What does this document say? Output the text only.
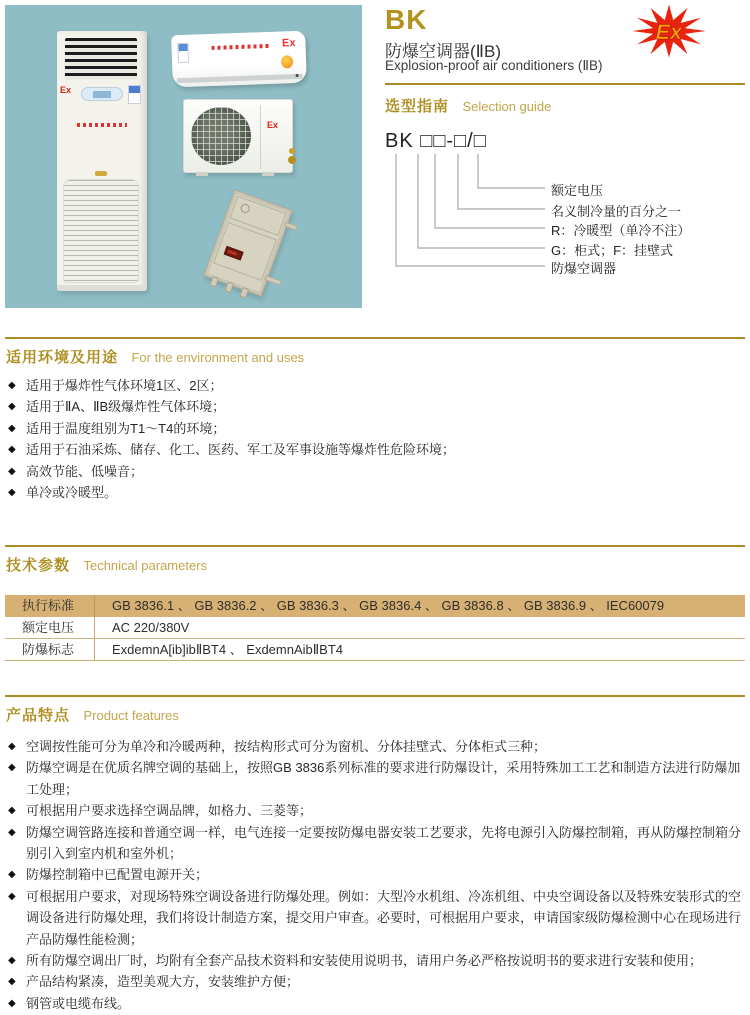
Ex
Ex
Ex
BK
防爆空调器(ⅡB)
Explosion-proof air conditioners (ⅡB)
Ex
选型指南 Selection guide
BK □□-□/□
额定电压
名义制冷量的百分之一
R：冷暖型（单冷不注）
G：柜式；F：挂壁式
防爆空调器
适用环境及用途 For the environment and uses
◆ 适用于爆炸性气体环境1区、2区；
◆ 适用于ⅡA、ⅡB级爆炸性气体环境；
◆ 适用于温度组别为T1～T4的环境；
◆ 适用于石油采炼、储存、化工、医药、军工及军事设施等爆炸性危险环境；
◆ 高效节能、低噪音；
◆ 单冷或冷暖型。
技术参数 Technical parameters
执行标准	GB 3836.1 、 GB 3836.2 、 GB 3836.3 、 GB 3836.4 、 GB 3836.8 、 GB 3836.9 、 IEC60079
额定电压	AC 220/380V
防爆标志	ExdemnA[ib]ibⅡBT4 、 ExdemnAibⅡBT4
产品特点 Product features
◆ 空调按性能可分为单冷和冷暖两种，按结构形式可分为窗机、分体挂壁式、分体柜式三种；
◆ 防爆空调是在优质名牌空调的基础上，按照GB 3836系列标准的要求进行防爆设计，采用特殊加工工艺和制造方法进行防爆加工处理；
◆ 可根据用户要求选择空调品牌，如格力、三菱等；
◆ 防爆空调管路连接和普通空调一样，电气连接一定要按防爆电器安装工艺要求，先将电源引入防爆控制箱，再从防爆控制箱分别引入到室内机和室外机；
◆ 防爆控制箱中已配置电源开关；
◆ 可根据用户要求，对现场特殊空调设备进行防爆处理。例如：大型冷水机组、冷冻机组、中央空调设备以及特殊安装形式的空调设备进行防爆处理，我们将设计制造方案，提交用户审查。必要时，可根据用户要求，申请国家级防爆检测中心在现场进行产品防爆性能检测；
◆ 所有防爆空调出厂时，均附有全套产品技术资料和安装使用说明书，请用户务必严格按说明书的要求进行安装和使用；
◆ 产品结构紧凑，造型美观大方，安装维护方便；
◆ 钢管或电缆布线。
